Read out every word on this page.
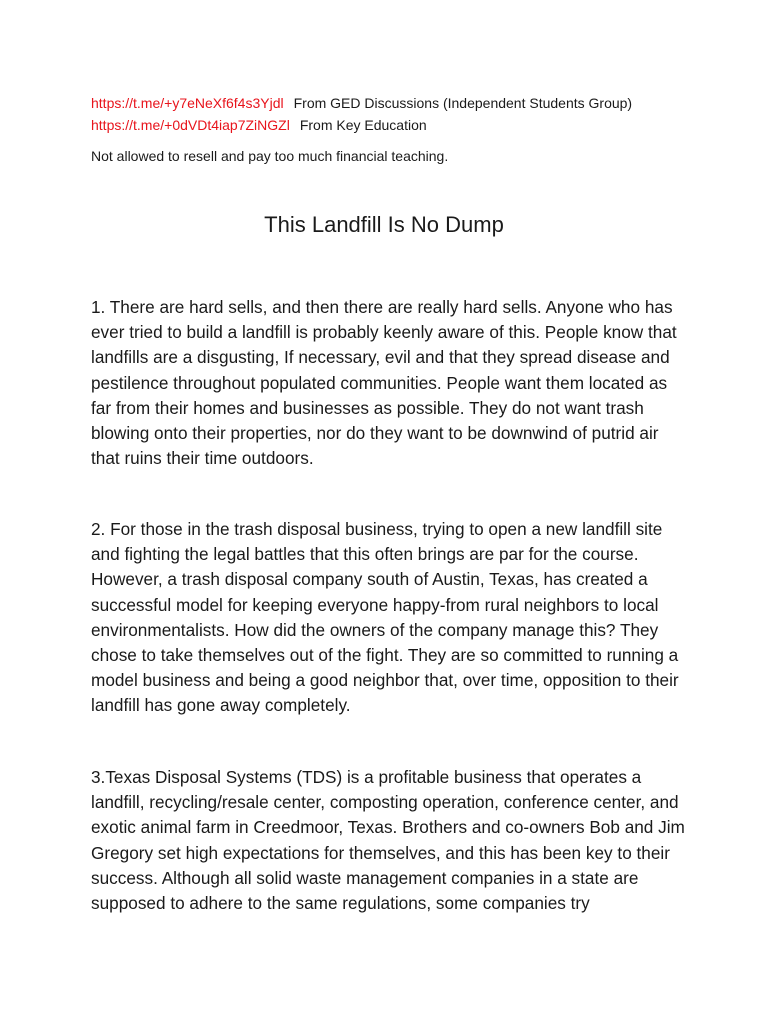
https://t.me/+y7eNeXf6f4s3Yjdl From GED Discussions (Independent Students Group)
https://t.me/+0dVDt4iap7ZiNGZl From Key Education
Not allowed to resell and pay too much financial teaching.
This Landfill Is No Dump

1. There are hard sells, and then there are really hard sells. Anyone who has ever tried to build a landfill is probably keenly aware of this. People know that landfills are a disgusting, If necessary, evil and that they spread disease and pestilence throughout populated communities. People want them located as far from their homes and businesses as possible. They do not want trash blowing onto their properties, nor do they want to be downwind of putrid air that ruins their time outdoors.

2. For those in the trash disposal business, trying to open a new landfill site and fighting the legal battles that this often brings are par for the course. However, a trash disposal company south of Austin, Texas, has created a successful model for keeping everyone happy-from rural neighbors to local environmentalists. How did the owners of the company manage this? They chose to take themselves out of the fight. They are so committed to running a model business and being a good neighbor that, over time, opposition to their landfill has gone away completely.

3.Texas Disposal Systems (TDS) is a profitable business that operates a landfill, recycling/resale center, composting operation, conference center, and exotic animal farm in Creedmoor, Texas. Brothers and co-owners Bob and Jim Gregory set high expectations for themselves, and this has been key to their success. Although all solid waste management companies in a state are supposed to adhere to the same regulations, some companies try
